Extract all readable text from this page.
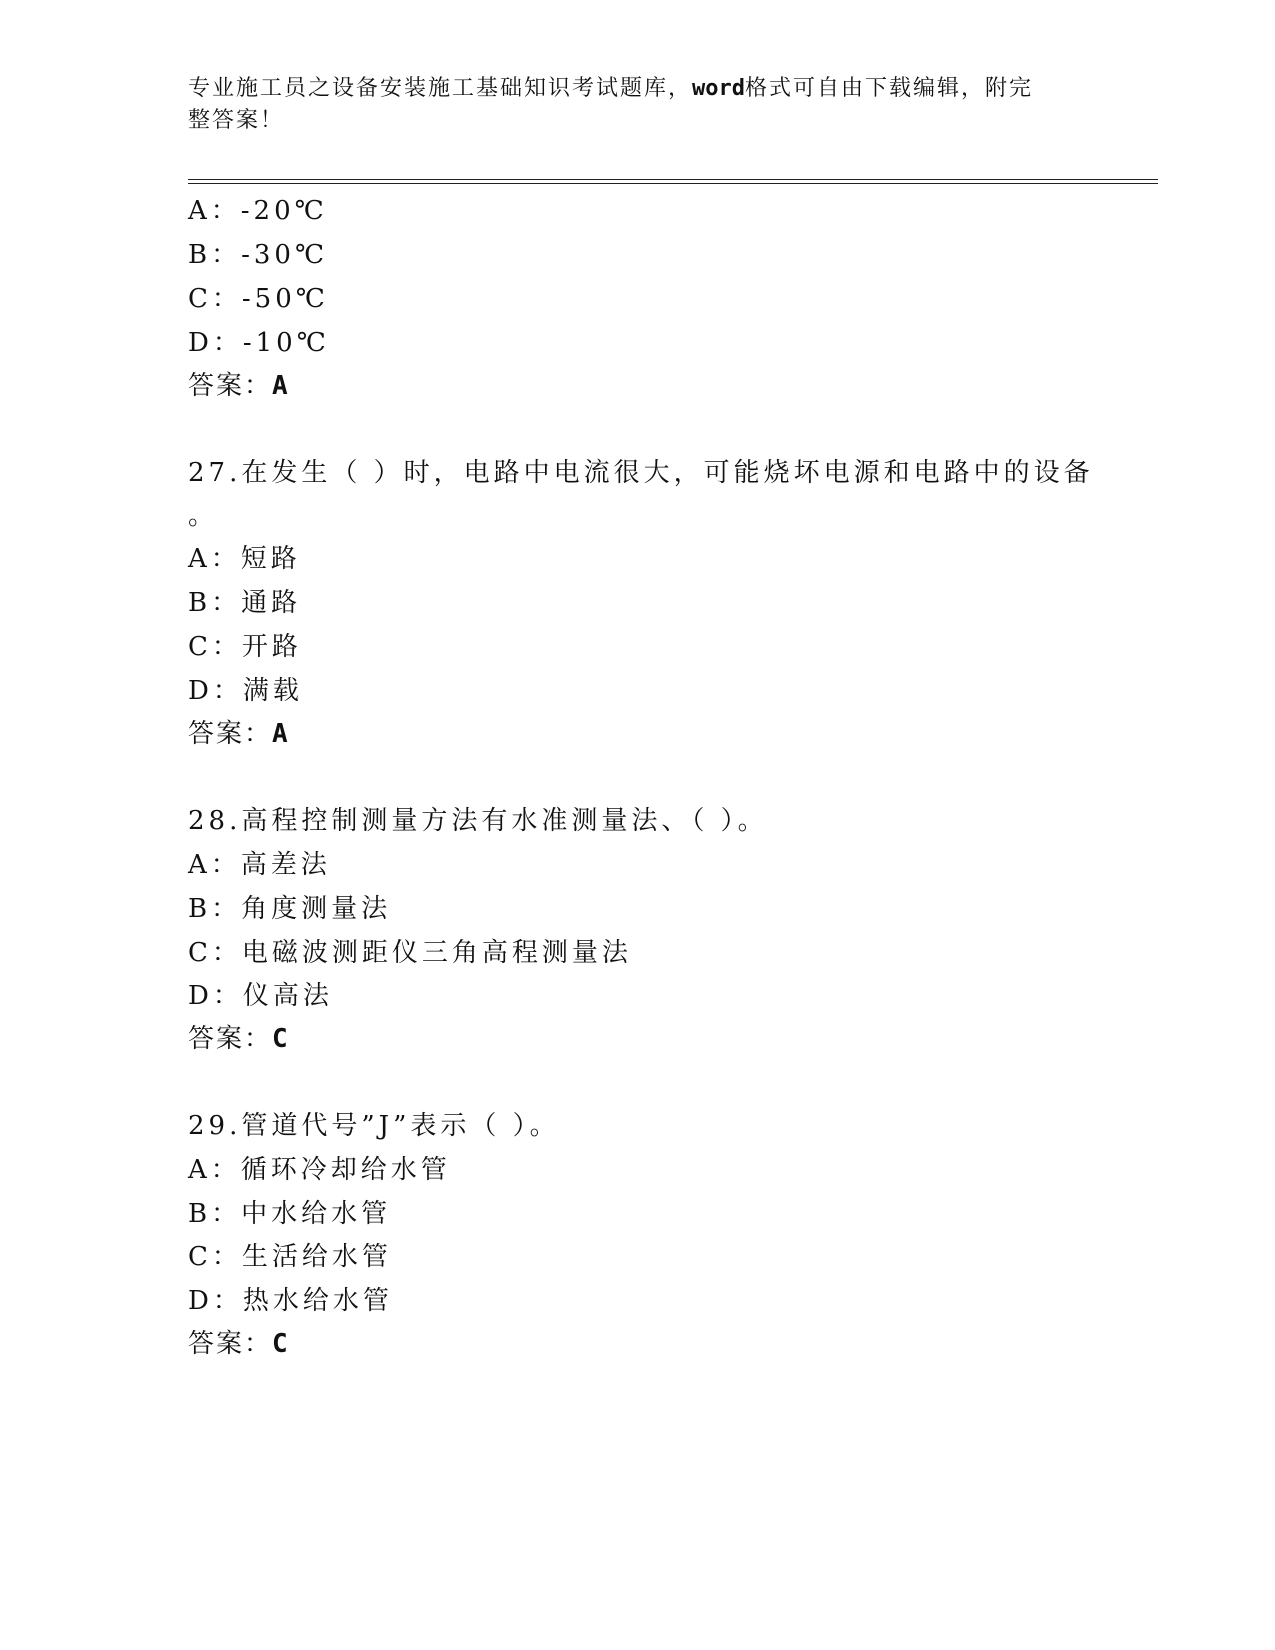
专业施工员之设备安装施工基础知识考试题库，word格式可自由下载编辑，附完
整答案！
A：-20℃
B：-30℃
C：-50℃
D：-10℃
答案：A
27.在发生（ ）时，电路中电流很大，可能烧坏电源和电路中的设备
。
A：短路
B：通路
C：开路
D：满载
答案：A
28.高程控制测量方法有水准测量法、（ ）。
A：高差法
B：角度测量法
C：电磁波测距仪三角高程测量法
D：仪高法
答案：C
29.管道代号”J”表示（ ）。
A：循环冷却给水管
B：中水给水管
C：生活给水管
D：热水给水管
答案：C
